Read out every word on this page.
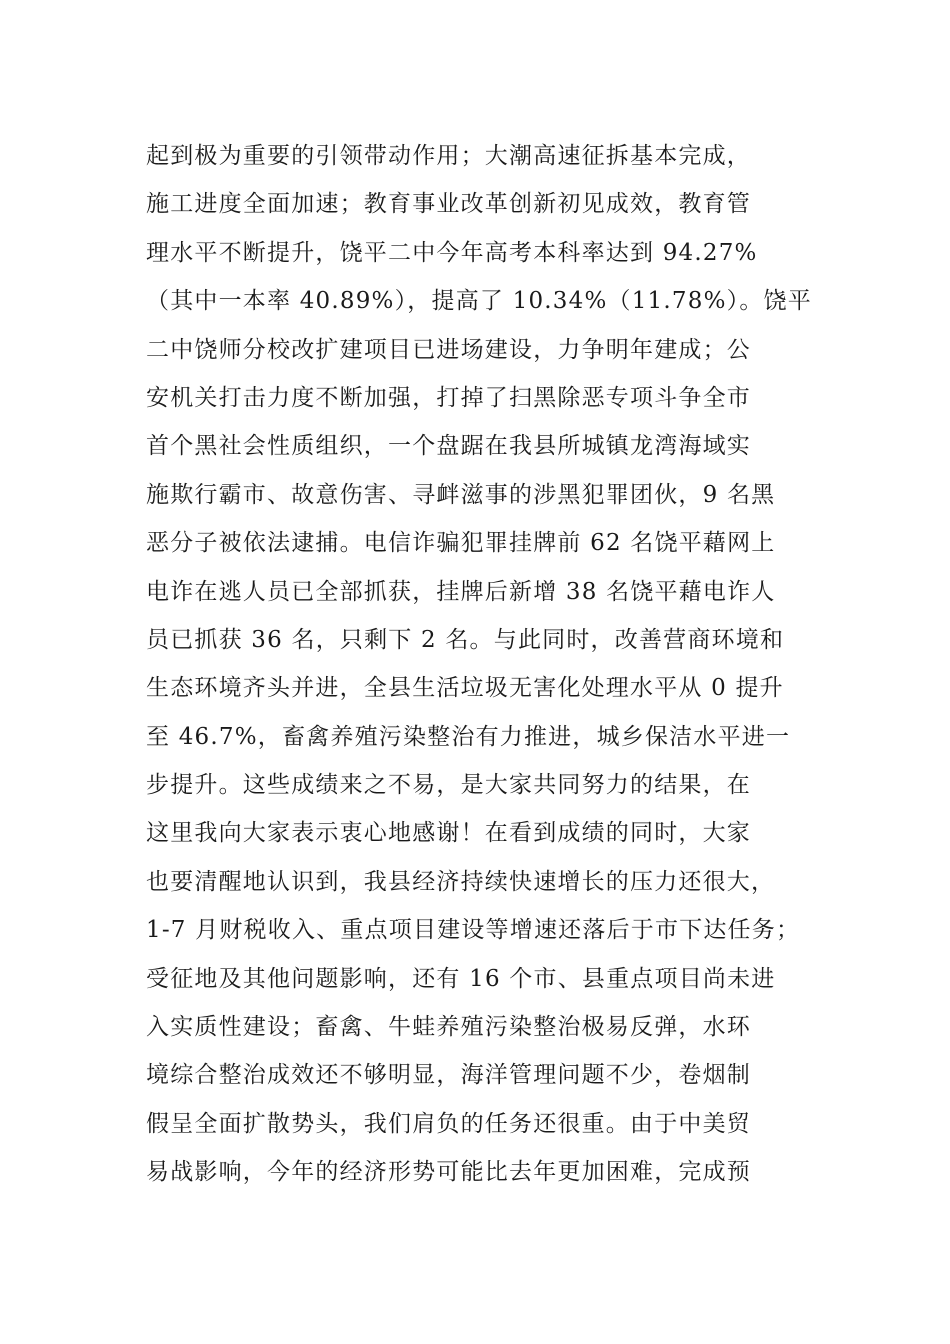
起到极为重要的引领带动作用；大潮高速征拆基本完成，
施工进度全面加速；教育事业改革创新初见成效，教育管
理水平不断提升，饶平二中今年高考本科率达到 94.27%
（其中一本率 40.89%），提高了 10.34%（11.78%）。饶平
二中饶师分校改扩建项目已进场建设，力争明年建成；公
安机关打击力度不断加强，打掉了扫黑除恶专项斗争全市
首个黑社会性质组织，一个盘踞在我县所城镇龙湾海域实
施欺行霸市、故意伤害、寻衅滋事的涉黑犯罪团伙，9 名黑
恶分子被依法逮捕。电信诈骗犯罪挂牌前 62 名饶平藉网上
电诈在逃人员已全部抓获，挂牌后新增 38 名饶平藉电诈人
员已抓获 36 名，只剩下 2 名。与此同时，改善营商环境和
生态环境齐头并进，全县生活垃圾无害化处理水平从 0 提升
至 46.7%，畜禽养殖污染整治有力推进，城乡保洁水平进一
步提升。这些成绩来之不易，是大家共同努力的结果，在
这里我向大家表示衷心地感谢！在看到成绩的同时，大家
也要清醒地认识到，我县经济持续快速增长的压力还很大，
1-7 月财税收入、重点项目建设等增速还落后于市下达任务；
受征地及其他问题影响，还有 16 个市、县重点项目尚未进
入实质性建设；畜禽、牛蛙养殖污染整治极易反弹，水环
境综合整治成效还不够明显，海洋管理问题不少，卷烟制
假呈全面扩散势头，我们肩负的任务还很重。由于中美贸
易战影响，今年的经济形势可能比去年更加困难，完成预
